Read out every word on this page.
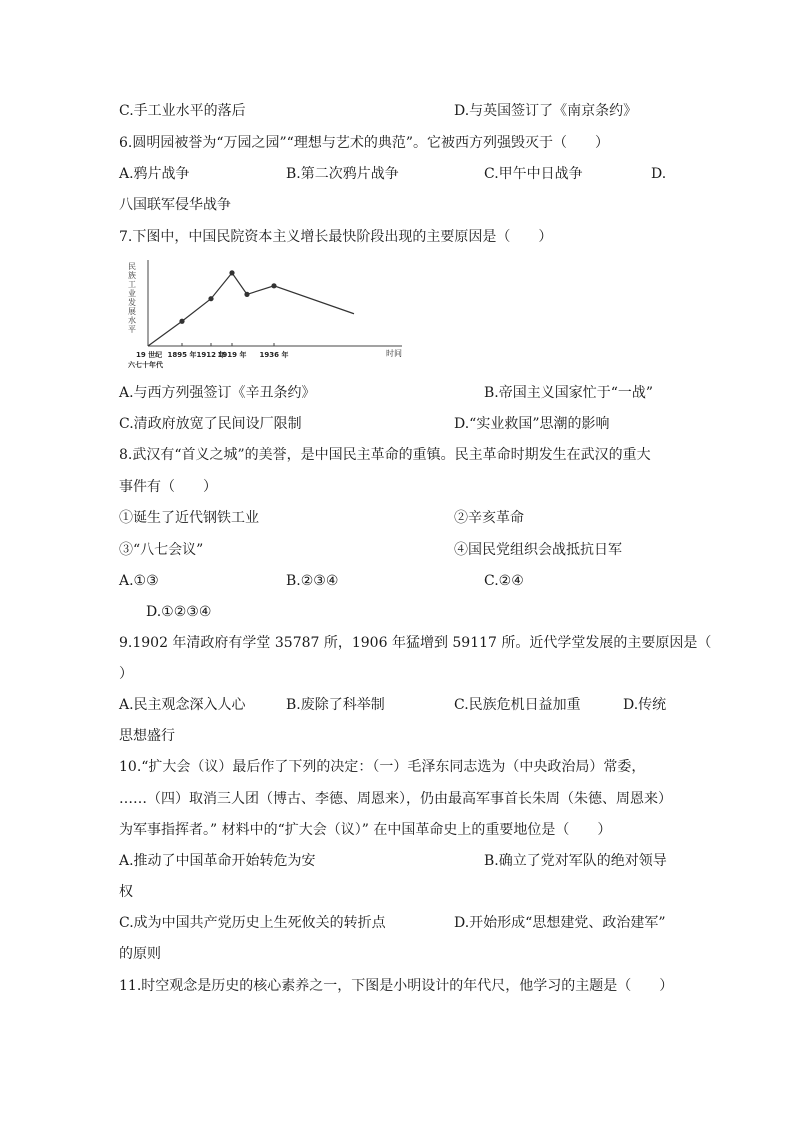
C.手工业水平的落后	D.与英国签订了《南京条约》
6.圆明园被誉为“万园之园”“理想与艺术的典范”。它被西方列强毁灭于（　　）
A.鸦片战争	B.第二次鸦片战争	C.甲午中日战争	D.
八国联军侵华战争
7.下图中，中国民院资本主义增长最快阶段出现的主要原因是（　　）
民族工业发展水平
19 世纪
六七十年代
时间
1895 年 1912 年
1919 年 1936 年
A.与西方列强签订《辛丑条约》	B.帝国主义国家忙于“一战”
C.清政府放宽了民间设厂限制	D.“实业救国”思潮的影响
8.武汉有“首义之城”的美誉，是中国民主革命的重镇。民主革命时期发生在武汉的重大
事件有（　　）
①诞生了近代钢铁工业	②辛亥革命
③“八七会议”	④国民党组织会战抵抗日军
A.①③	B.②③④	C.②④
D.①②③④
9.1902 年清政府有学堂 35787 所，1906 年猛增到 59117 所。近代学堂发展的主要原因是（
）
A.民主观念深入人心	B.废除了科举制	C.民族危机日益加重	D.传统
思想盛行
10.“扩大会（议）最后作了下列的决定：（一）毛泽东同志选为（中央政治局）常委，
……（四）取消三人团（博古、李德、周恩来），仍由最高军事首长朱周（朱德、周恩来）
为军事指挥者。” 材料中的“扩大会（议）” 在中国革命史上的重要地位是（　　）
A.推动了中国革命开始转危为安	B.确立了党对军队的绝对领导
权
C.成为中国共产党历史上生死攸关的转折点	D.开始形成“思想建党、政治建军”
的原则
11.时空观念是历史的核心素养之一，下图是小明设计的年代尺，他学习的主题是（　　）
